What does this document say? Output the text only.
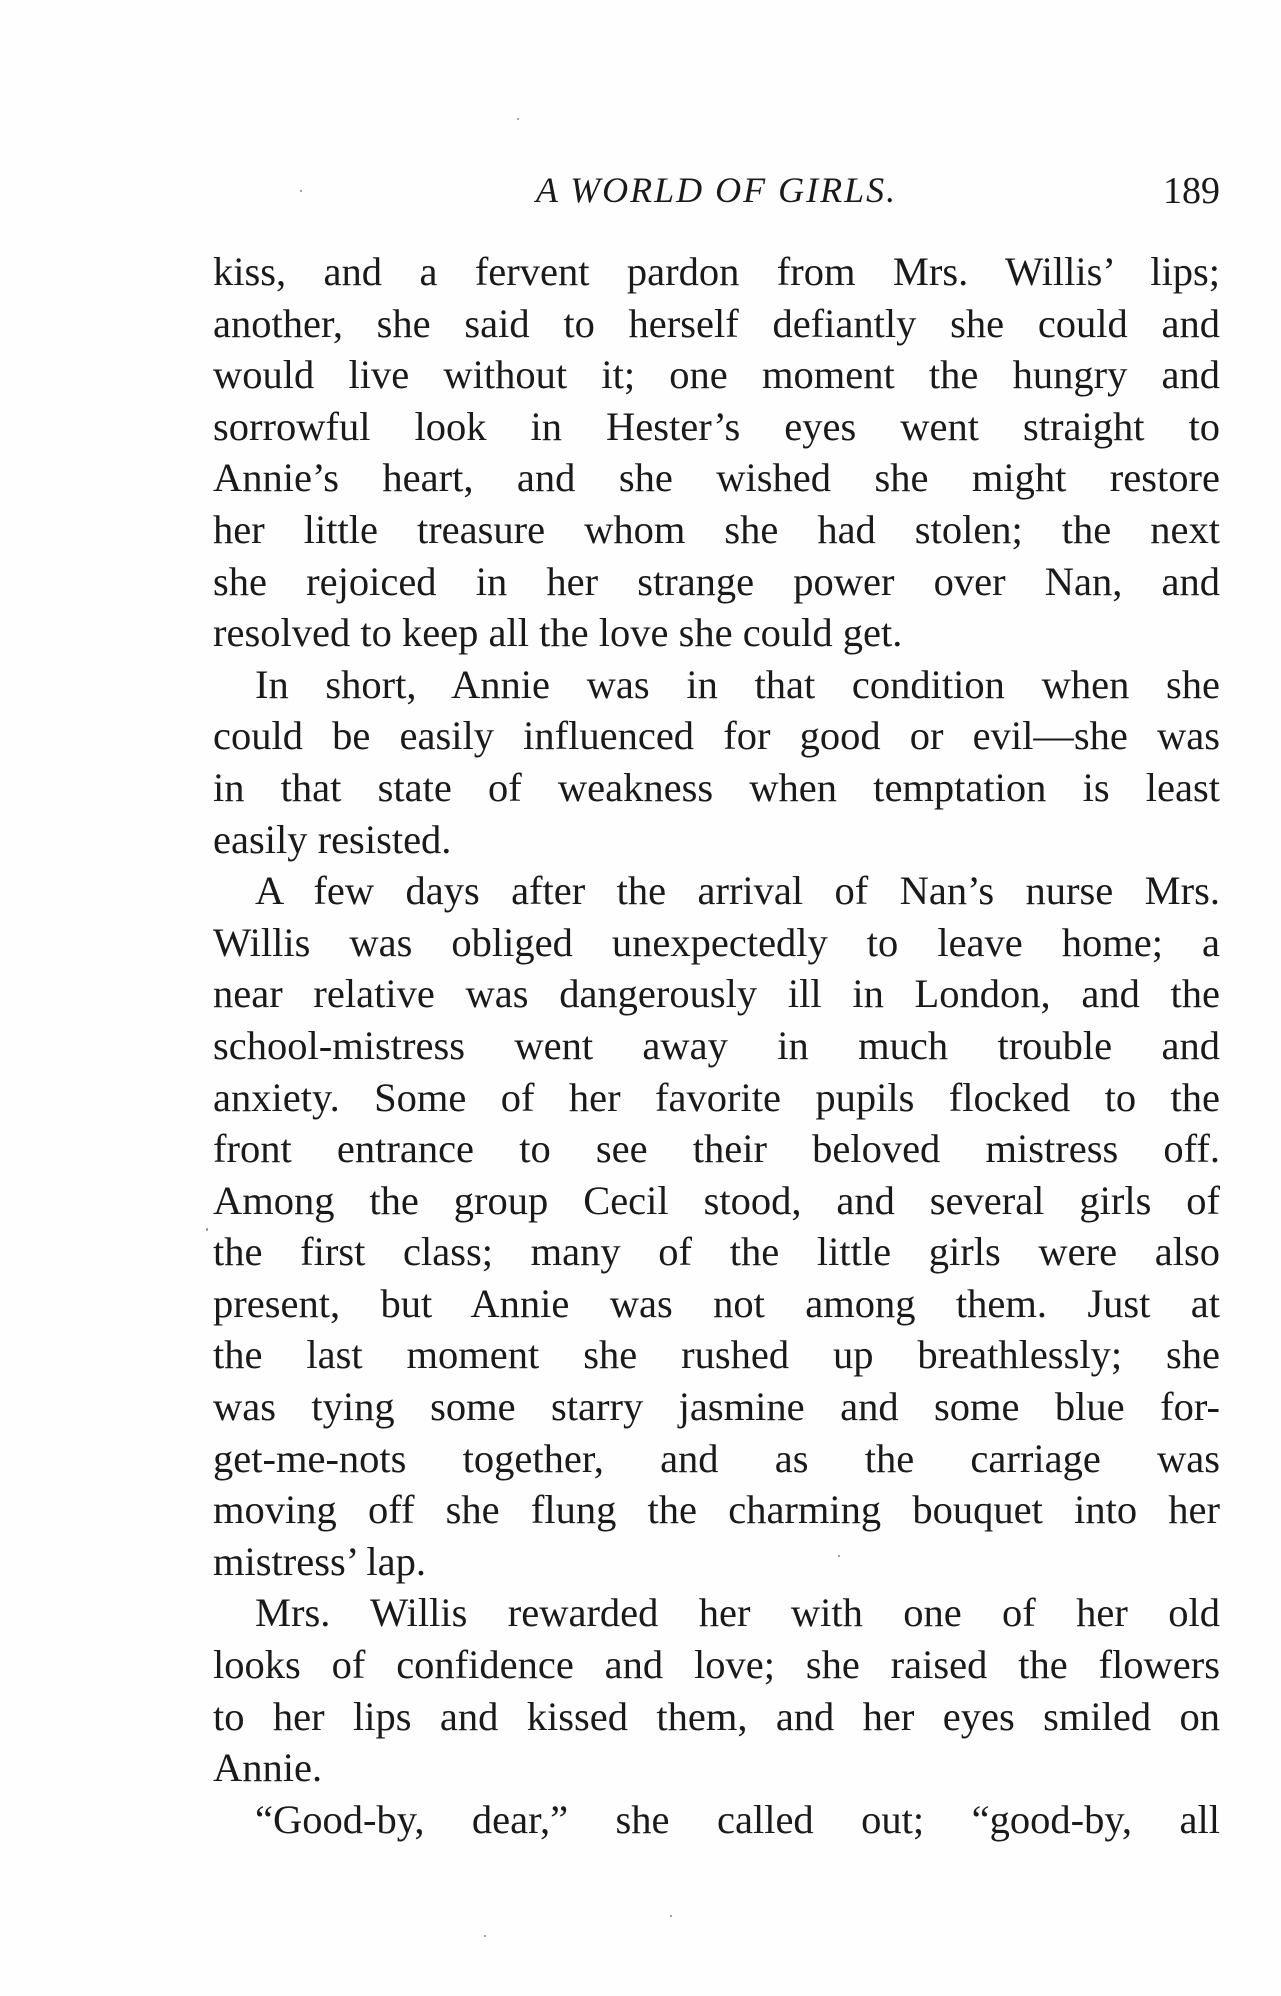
A WORLD OF GIRLS.	189
kiss, and a fervent pardon from Mrs. Willis’ lips;
another, she said to herself defiantly she could and
would live without it; one moment the hungry and
sorrowful look in Hester’s eyes went straight to
Annie’s heart, and she wished she might restore
her little treasure whom she had stolen; the next
she rejoiced in her strange power over Nan, and
resolved to keep all the love she could get.
In short, Annie was in that condition when she
could be easily influenced for good or evil—she was
in that state of weakness when temptation is least
easily resisted.
A few days after the arrival of Nan’s nurse Mrs.
Willis was obliged unexpectedly to leave home; a
near relative was dangerously ill in London, and the
school-mistress went away in much trouble and
anxiety. Some of her favorite pupils flocked to the
front entrance to see their beloved mistress off.
Among the group Cecil stood, and several girls of
the first class; many of the little girls were also
present, but Annie was not among them. Just at
the last moment she rushed up breathlessly; she
was tying some starry jasmine and some blue for-
get-me-nots together, and as the carriage was
moving off she flung the charming bouquet into her
mistress’ lap.
Mrs. Willis rewarded her with one of her old
looks of confidence and love; she raised the flowers
to her lips and kissed them, and her eyes smiled on
Annie.
“Good-by, dear,” she called out; “good-by, all
